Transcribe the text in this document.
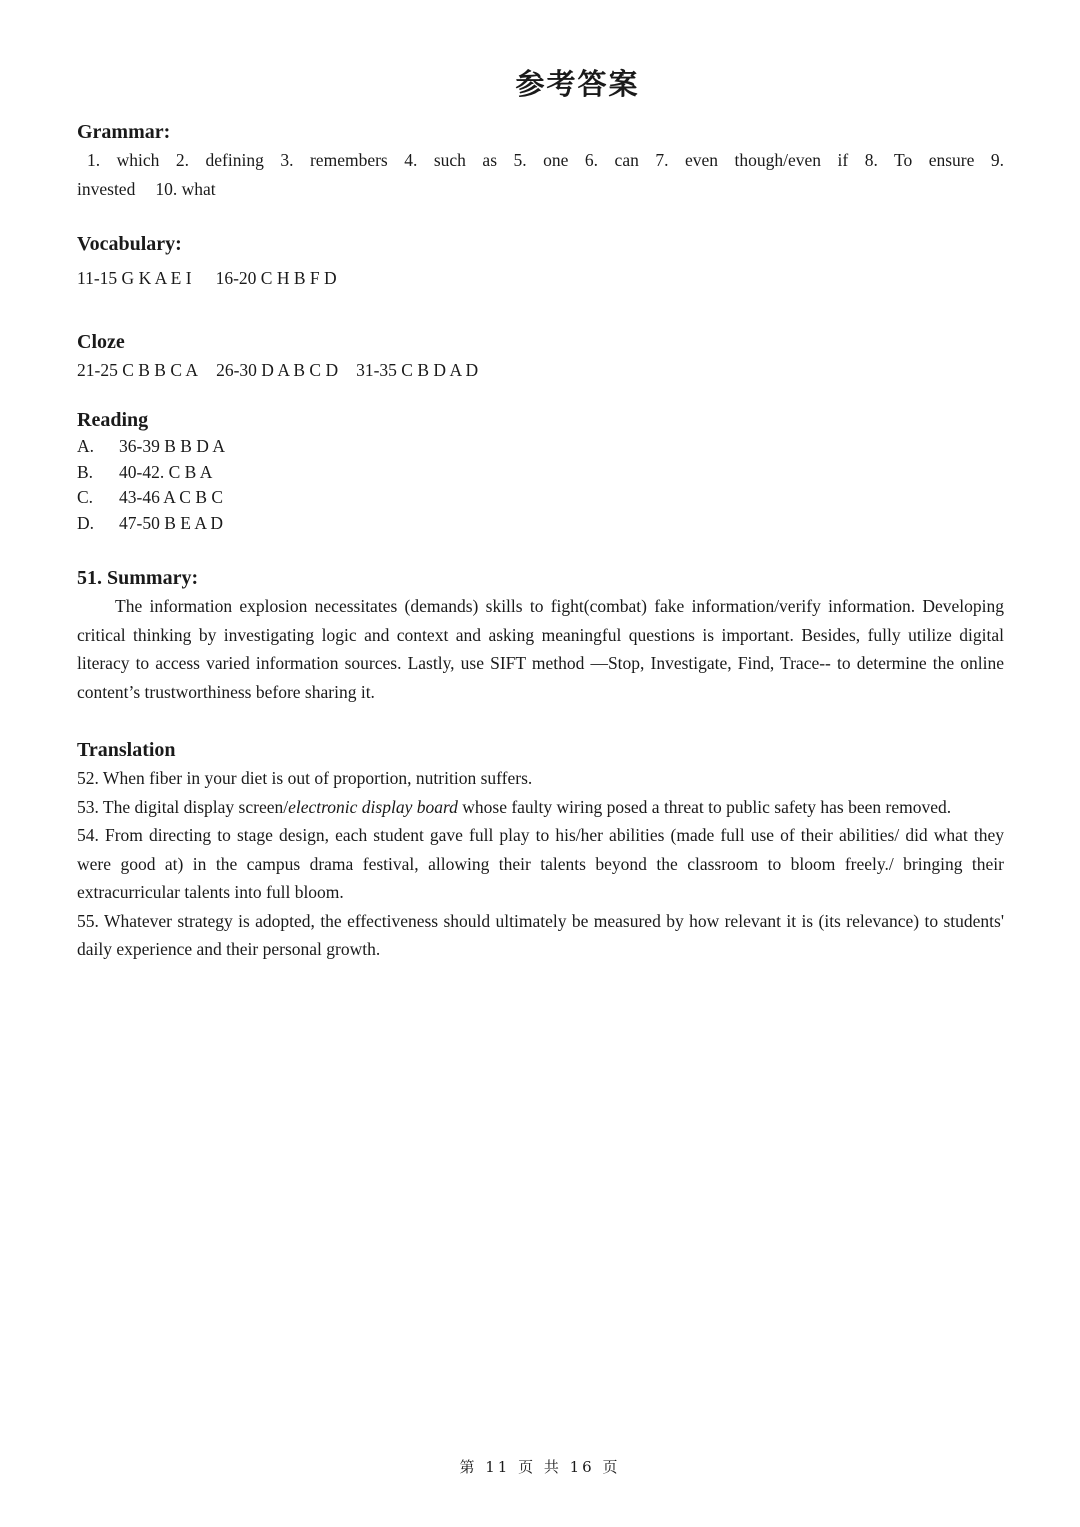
参考答案
Grammar:
1. which 2. defining 3. remembers 4. such as 5. one 6. can 7. even though/even if 8. To ensure 9.
invested 10. what
Vocabulary:
11-15 G K A E I 16-20 C H B F D
Cloze
21-25 C B B C A 26-30 D A B C D 31-35 C B D A D
Reading
A. 36-39 B B D A
B. 40-42. C B A
C. 43-46 A C B C
D. 47-50 B E A D
51. Summary:
The information explosion necessitates (demands) skills to fight(combat) fake information/verify information. Developing critical thinking by investigating logic and context and asking meaningful questions is important. Besides, fully utilize digital literacy to access varied information sources. Lastly, use SIFT method —Stop, Investigate, Find, Trace-- to determine the online content’s trustworthiness before sharing it.
Translation
52. When fiber in your diet is out of proportion, nutrition suffers.
53. The digital display screen/electronic display board whose faulty wiring posed a threat to public safety has been removed.
54. From directing to stage design, each student gave full play to his/her abilities (made full use of their abilities/ did what they were good at) in the campus drama festival, allowing their talents beyond the classroom to bloom freely./ bringing their extracurricular talents into full bloom.
55. Whatever strategy is adopted, the effectiveness should ultimately be measured by how relevant it is (its relevance) to students' daily experience and their personal growth.
第 11 页 共 16 页
